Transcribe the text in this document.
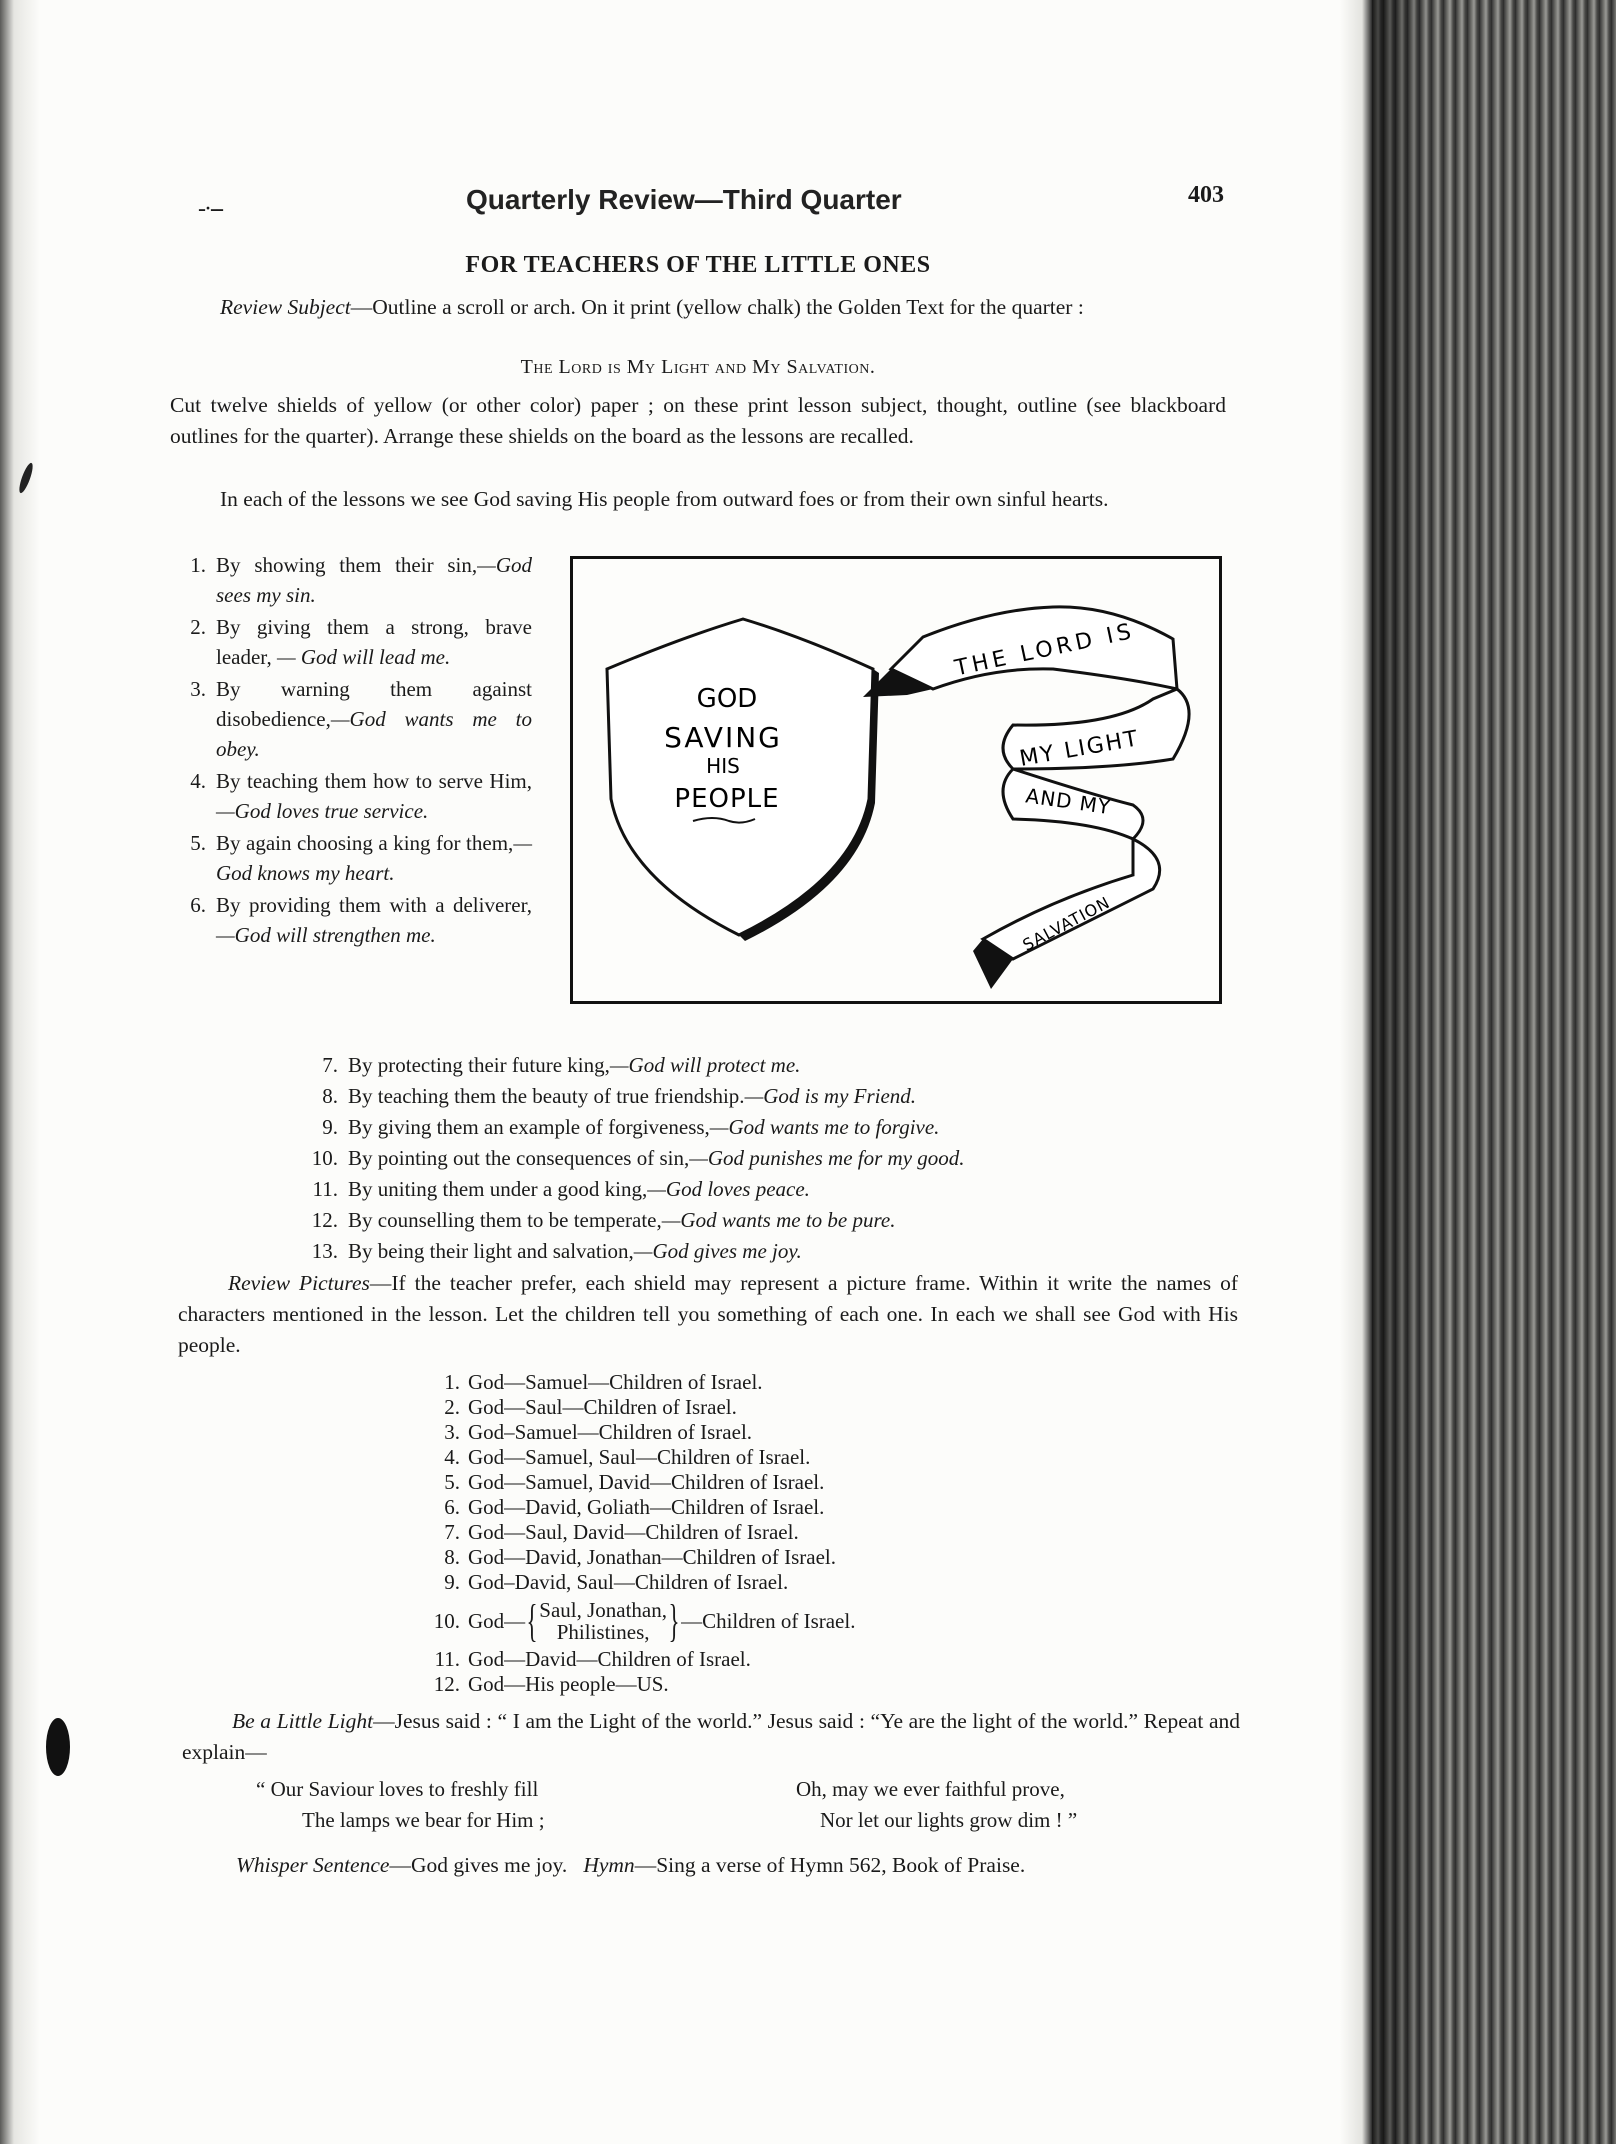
-·--	Quarterly Review—Third Quarter	403
FOR TEACHERS OF THE LITTLE ONES
Review Subject—Outline a scroll or arch. On it print (yellow chalk) the Golden Text for the quarter :
The Lord is My Light and My Salvation.
Cut twelve shields of yellow (or other color) paper ; on these print lesson subject, thought, outline (see blackboard outlines for the quarter). Arrange these shields on the board as the lessons are recalled.
In each of the lessons we see God saving His people from outward foes or from their own sinful hearts.
1. By showing them their sin,—God sees my sin.
2. By giving them a strong, brave leader, — God will lead me.
3. By warning them against disobedience,—God wants me to obey.
4. By teaching them how to serve Him,—God loves true service.
5. By again choosing a king for them,—God knows my heart.
6. By providing them with a deliverer,—God will strengthen me.
GOD
SAVING
HIS
PEOPLE
THE LORD IS
MY LIGHT
AND MY
SALVATION
7. By protecting their future king, —God will protect me.
8. By teaching them the beauty of true friendship. —God is my Friend.
9. By giving them an example of forgiveness, —God wants me to forgive.
10. By pointing out the consequences of sin, —God punishes me for my good.
11. By uniting them under a good king, —God loves peace.
12. By counselling them to be temperate, —God wants me to be pure.
13. By being their light and salvation, —God gives me joy.
Review Pictures—If the teacher prefer, each shield may represent a picture frame. Within it write the names of characters mentioned in the lesson. Let the children tell you something of each one. In each we shall see God with His people.
1. God—Samuel—Children of Israel.
2. God—Saul—Children of Israel.
3. God–Samuel—Children of Israel.
4. God—Samuel, Saul—Children of Israel.
5. God—Samuel, David—Children of Israel.
6. God—David, Goliath—Children of Israel.
7. God—Saul, David—Children of Israel.
8. God—David, Jonathan—Children of Israel.
9. God–David, Saul—Children of Israel.
10. God— { Saul, Jonathan,
Philistines, } —Children of Israel.
11. God—David—Children of Israel.
12. God—His people—US.
Be a Little Light—Jesus said : “ I am the Light of the world.” Jesus said : “Ye are the light of the world.” Repeat and explain—
“ Our Saviour loves to freshly fill
The lamps we bear for Him ;
Oh, may we ever faithful prove,
Nor let our lights grow dim ! ”
Whisper Sentence—God gives me joy. Hymn—Sing a verse of Hymn 562, Book of Praise.
